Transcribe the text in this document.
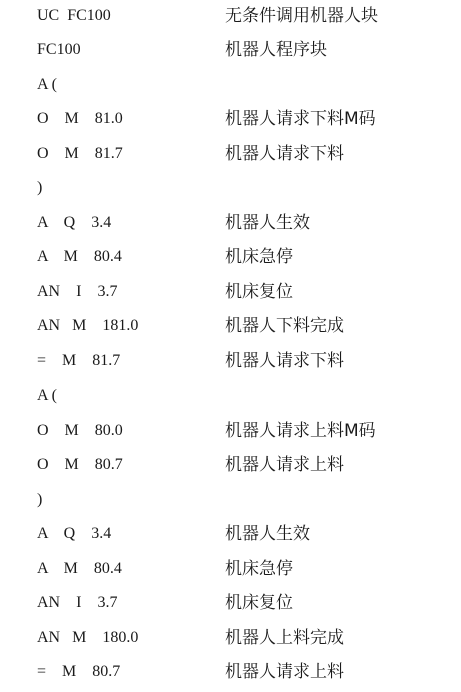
UC  FC100	无条件调用机器人块
FC100	机器人程序块
A (
O    M    81.0	机器人请求下料M码
O    M    81.7	机器人请求下料
)
A    Q    3.4	机器人生效
A    M    80.4	机床急停
AN    I    3.7	机床复位
AN   M    181.0	机器人下料完成
=    M    81.7	机器人请求下料
A (
O    M    80.0	机器人请求上料M码
O    M    80.7	机器人请求上料
)
A    Q    3.4	机器人生效
A    M    80.4	机床急停
AN    I    3.7	机床复位
AN   M    180.0	机器人上料完成
=    M    80.7	机器人请求上料
